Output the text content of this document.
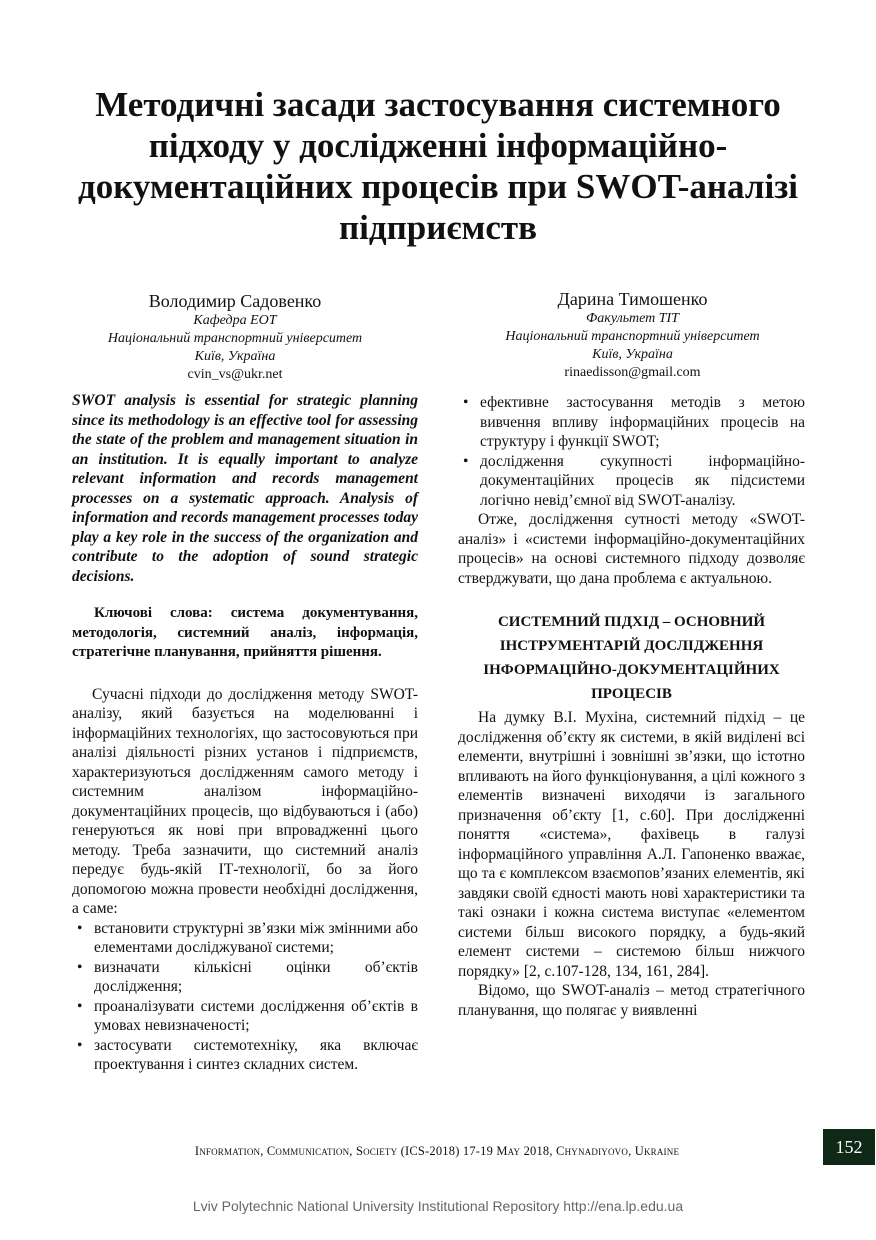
Методичні засади застосування системного підходу у дослідженні інформаційно-документаційних процесів при SWOT-аналізі підприємств
Володимир Садовенко
Кафедра ЕОТ
Національний транспортний університет
Київ, Україна
cvin_vs@ukr.net
Дарина Тимошенко
Факультет ТІТ
Національний транспортний університет
Київ, Україна
rinaedisson@gmail.com

SWOT analysis is essential for strategic planning since its methodology is an effective tool for assessing the state of the problem and management situation in an institution. It is equally important to analyze relevant information and records management processes on a systematic approach. Analysis of information and records management processes today play a key role in the success of the organization and contribute to the adoption of sound strategic decisions.

Ключові слова: система документування, методологія, системний аналіз, інформація, стратегічне планування, прийняття рішення.

Сучасні підходи до дослідження методу SWOT-аналізу, який базується на моделюванні і інформаційних технологіях, що застосовуються при аналізі діяльності різних установ і підприємств, характеризуються дослідженням самого методу і системним аналізом інформаційно-документаційних процесів, що відбуваються і (або) генеруються як нові при впровадженні цього методу. Треба зазначити, що системний аналіз передує будь-якій ІТ-технології, бо за його допомогою можна провести необхідні дослідження, а саме:

• встановити структурні зв’язки між змінними або елементами досліджуваної системи;
• визначати кількісні оцінки об’єктів дослідження;
• проаналізувати системи дослідження об’єктів в умовах невизначеності;
• застосувати системотехніку, яка включає проектування і синтез складних систем.
• ефективне застосування методів з метою вивчення впливу інформаційних процесів на структуру і функції SWOT;
• дослідження сукупності інформаційно-документаційних процесів як підсистеми логічно невід’ємної від SWOT-аналізу.

Отже, дослідження сутності методу «SWOT-аналіз» і «системи інформаційно-документаційних процесів» на основі системного підходу дозволяє стверджувати, що дана проблема є актуальною.

СИСТЕМНИЙ ПІДХІД – ОСНОВНИЙ ІНСТРУМЕНТАРІЙ ДОСЛІДЖЕННЯ ІНФОРМАЦІЙНО-ДОКУМЕНТАЦІЙНИХ ПРОЦЕСІВ

На думку В.І. Мухіна, системний підхід – це дослідження об’єкту як системи, в якій виділені всі елементи, внутрішні і зовнішні зв’язки, що істотно впливають на його функціонування, а цілі кожного з елементів визначені виходячи із загального призначення об’єкту [1, с.60]. При дослідженні поняття «система», фахівець в галузі інформаційного управління А.Л. Гапоненко вважає, що та є комплексом взаємопов’язаних елементів, які завдяки своїй єдності мають нові характеристики та такі ознаки і кожна система виступає «елементом системи більш високого порядку, а будь-який елемент системи – системою більш нижчого порядку» [2, с.107-128, 134, 161, 284].

Відомо, що SWOT-аналіз – метод стратегічного планування, що полягає у виявленні

Information, Communication, Society (ICS-2018) 17-19 May 2018, Chynadiyovo, Ukraine	152
Lviv Polytechnic National University Institutional Repository http://ena.lp.edu.ua
